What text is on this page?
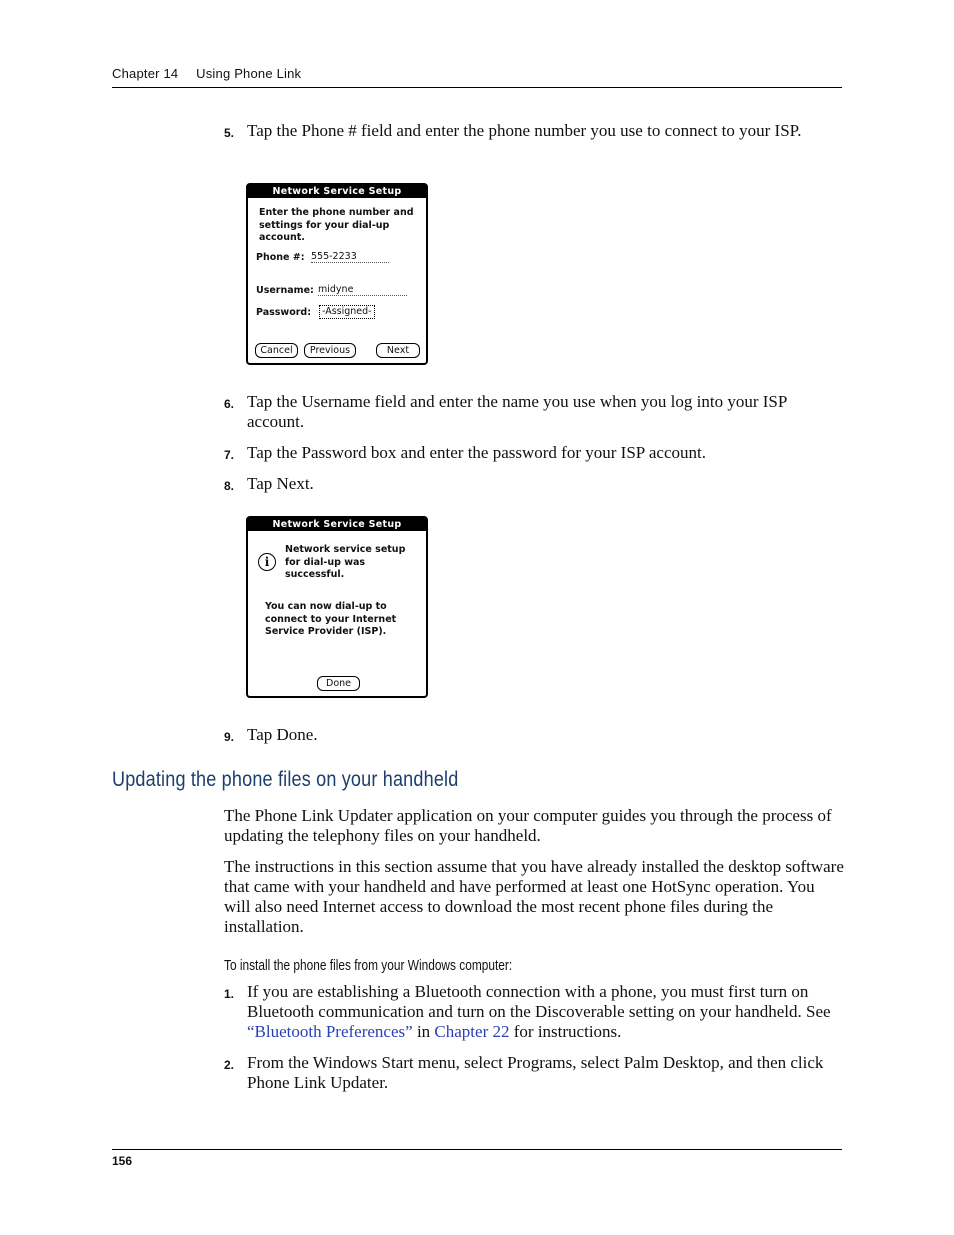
Chapter 14 Using Phone Link
5. Tap the Phone # field and enter the phone number you use to connect to your ISP.
Network Service Setup
Enter the phone number and
settings for your dial-up
account.
Phone #: 555-2233
Username: midyne
Password:	-Assigned-
Cancel	Previous	Next
6. Tap the Username field and enter the name you use when you log into your ISP account.
7. Tap the Password box and enter the password for your ISP account.
8. Tap Next.
Network Service Setup
i
Network service setup
for dial-up was
successful.
You can now dial-up to
connect to your Internet
Service Provider (ISP).
Done
9. Tap Done.
Updating the phone files on your handheld
The Phone Link Updater application on your computer guides you through the process of updating the telephony files on your handheld.
The instructions in this section assume that you have already installed the desktop software that came with your handheld and have performed at least one HotSync operation. You will also need Internet access to download the most recent phone files during the installation.
To install the phone files from your Windows computer:
1. If you are establishing a Bluetooth connection with a phone, you must first turn on Bluetooth communication and turn on the Discoverable setting on your handheld. See “Bluetooth Preferences” in Chapter 22 for instructions.
2. From the Windows Start menu, select Programs, select Palm Desktop, and then click Phone Link Updater.
156
